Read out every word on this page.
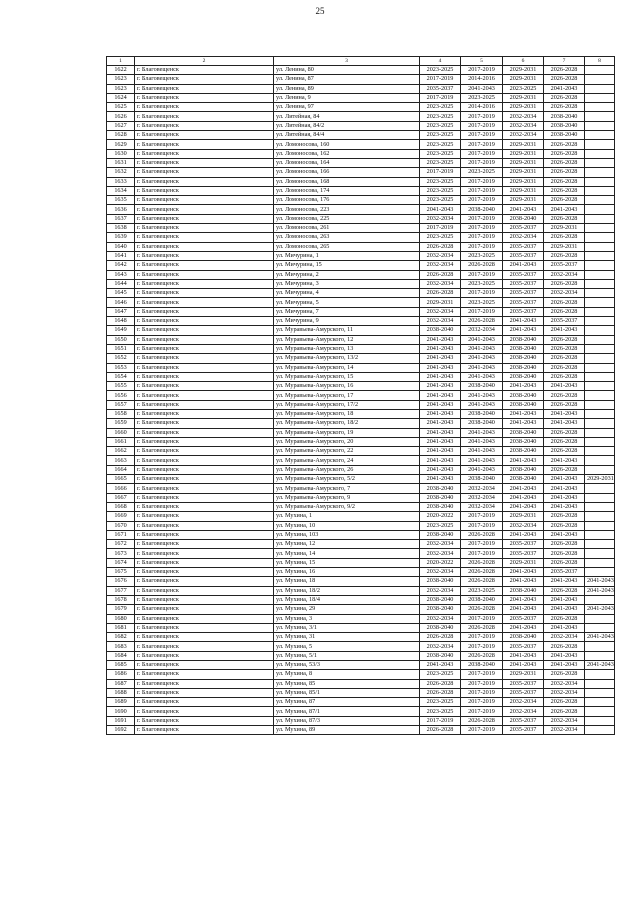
25
1	2	3	4	5	6	7	8
1622	г. Благовещенск	ул. Ленина, 80	2023-2025	2017-2019	2029-2031	2026-2028	
1623	г. Благовещенск	ул. Ленина, 87	2017-2019	2014-2016	2029-2031	2026-2028	
1623	г. Благовещенск	ул. Ленина, 89	2035-2037	2041-2043	2023-2025	2041-2043	
1624	г. Благовещенск	ул. Ленина, 9	2017-2019	2023-2025	2029-2031	2026-2028	
1625	г. Благовещенск	ул. Ленина, 97	2023-2025	2014-2016	2029-2031	2026-2028	
1626	г. Благовещенск	ул. Литейная, 84	2023-2025	2017-2019	2032-2034	2038-2040	
1627	г. Благовещенск	ул. Литейная, 84/2	2023-2025	2017-2019	2032-2034	2038-2040	
1628	г. Благовещенск	ул. Литейная, 84/4	2023-2025	2017-2019	2032-2034	2038-2040	
1629	г. Благовещенск	ул. Ломоносова, 160	2023-2025	2017-2019	2029-2031	2026-2028	
1630	г. Благовещенск	ул. Ломоносова, 162	2023-2025	2017-2019	2029-2031	2026-2028	
1631	г. Благовещенск	ул. Ломоносова, 164	2023-2025	2017-2019	2029-2031	2026-2028	
1632	г. Благовещенск	ул. Ломоносова, 166	2017-2019	2023-2025	2029-2031	2026-2028	
1633	г. Благовещенск	ул. Ломоносова, 168	2023-2025	2017-2019	2029-2031	2026-2028	
1634	г. Благовещенск	ул. Ломоносова, 174	2023-2025	2017-2019	2029-2031	2026-2028	
1635	г. Благовещенск	ул. Ломоносова, 176	2023-2025	2017-2019	2029-2031	2026-2028	
1636	г. Благовещенск	ул. Ломоносова, 223	2041-2043	2038-2040	2041-2043	2041-2043	
1637	г. Благовещенск	ул. Ломоносова, 225	2032-2034	2017-2019	2038-2040	2026-2028	
1638	г. Благовещенск	ул. Ломоносова, 261	2017-2019	2017-2019	2035-2037	2029-2031	
1639	г. Благовещенск	ул. Ломоносова, 263	2023-2025	2017-2019	2032-2034	2026-2028	
1640	г. Благовещенск	ул. Ломоносова, 265	2026-2028	2017-2019	2035-2037	2029-2031	
1641	г. Благовещенск	ул. Мичурина, 1	2032-2034	2023-2025	2035-2037	2026-2028	
1642	г. Благовещенск	ул. Мичурина, 15	2032-2034	2026-2028	2041-2043	2035-2037	
1643	г. Благовещенск	ул. Мичурина, 2	2026-2028	2017-2019	2035-2037	2032-2034	
1644	г. Благовещенск	ул. Мичурина, 3	2032-2034	2023-2025	2035-2037	2026-2028	
1645	г. Благовещенск	ул. Мичурина, 4	2026-2028	2017-2019	2035-2037	2032-2034	
1646	г. Благовещенск	ул. Мичурина, 5	2029-2031	2023-2025	2035-2037	2026-2028	
1647	г. Благовещенск	ул. Мичурина, 7	2032-2034	2017-2019	2035-2037	2026-2028	
1648	г. Благовещенск	ул. Мичурина, 9	2032-2034	2026-2028	2041-2043	2035-2037	
1649	г. Благовещенск	ул. Муравьева-Амурского, 11	2038-2040	2032-2034	2041-2043	2041-2043	
1650	г. Благовещенск	ул. Муравьева-Амурского, 12	2041-2043	2041-2043	2038-2040	2026-2028	
1651	г. Благовещенск	ул. Муравьева-Амурского, 13	2041-2043	2041-2043	2038-2040	2026-2028	
1652	г. Благовещенск	ул. Муравьева-Амурского, 13/2	2041-2043	2041-2043	2038-2040	2026-2028	
1653	г. Благовещенск	ул. Муравьева-Амурского, 14	2041-2043	2041-2043	2038-2040	2026-2028	
1654	г. Благовещенск	ул. Муравьева-Амурского, 15	2041-2043	2041-2043	2038-2040	2026-2028	
1655	г. Благовещенск	ул. Муравьева-Амурского, 16	2041-2043	2038-2040	2041-2043	2041-2043	
1656	г. Благовещенск	ул. Муравьева-Амурского, 17	2041-2043	2041-2043	2038-2040	2026-2028	
1657	г. Благовещенск	ул. Муравьева-Амурского, 17/2	2041-2043	2041-2043	2038-2040	2026-2028	
1658	г. Благовещенск	ул. Муравьева-Амурского, 18	2041-2043	2038-2040	2041-2043	2041-2043	
1659	г. Благовещенск	ул. Муравьева-Амурского, 18/2	2041-2043	2038-2040	2041-2043	2041-2043	
1660	г. Благовещенск	ул. Муравьева-Амурского, 19	2041-2043	2041-2043	2038-2040	2026-2028	
1661	г. Благовещенск	ул. Муравьева-Амурского, 20	2041-2043	2041-2043	2038-2040	2026-2028	
1662	г. Благовещенск	ул. Муравьева-Амурского, 22	2041-2043	2041-2043	2038-2040	2026-2028	
1663	г. Благовещенск	ул. Муравьева-Амурского, 24	2041-2043	2041-2043	2041-2043	2041-2043	
1664	г. Благовещенск	ул. Муравьева-Амурского, 26	2041-2043	2041-2043	2038-2040	2026-2028	
1665	г. Благовещенск	ул. Муравьева-Амурского, 5/2	2041-2043	2038-2040	2038-2040	2041-2043	2029-2031
1666	г. Благовещенск	ул. Муравьева-Амурского, 7	2038-2040	2032-2034	2041-2043	2041-2043	
1667	г. Благовещенск	ул. Муравьева-Амурского, 9	2038-2040	2032-2034	2041-2043	2041-2043	
1668	г. Благовещенск	ул. Муравьева-Амурского, 9/2	2038-2040	2032-2034	2041-2043	2041-2043	
1669	г. Благовещенск	ул. Мухина, 1	2020-2022	2017-2019	2029-2031	2026-2028	
1670	г. Благовещенск	ул. Мухина, 10	2023-2025	2017-2019	2032-2034	2026-2028	
1671	г. Благовещенск	ул. Мухина, 103	2038-2040	2026-2028	2041-2043	2041-2043	
1672	г. Благовещенск	ул. Мухина, 12	2032-2034	2017-2019	2035-2037	2026-2028	
1673	г. Благовещенск	ул. Мухина, 14	2032-2034	2017-2019	2035-2037	2026-2028	
1674	г. Благовещенск	ул. Мухина, 15	2020-2022	2026-2028	2029-2031	2026-2028	
1675	г. Благовещенск	ул. Мухина, 16	2032-2034	2026-2028	2041-2043	2035-2037	
1676	г. Благовещенск	ул. Мухина, 18	2038-2040	2026-2028	2041-2043	2041-2043	2041-2043
1677	г. Благовещенск	ул. Мухина, 18/2	2032-2034	2023-2025	2038-2040	2026-2028	2041-2043
1678	г. Благовещенск	ул. Мухина, 18/4	2038-2040	2038-2040	2041-2043	2041-2043	
1679	г. Благовещенск	ул. Мухина, 29	2038-2040	2026-2028	2041-2043	2041-2043	2041-2043
1680	г. Благовещенск	ул. Мухина, 3	2032-2034	2017-2019	2035-2037	2026-2028	
1681	г. Благовещенск	ул. Мухина, 3/1	2038-2040	2026-2028	2041-2043	2041-2043	
1682	г. Благовещенск	ул. Мухина, 31	2026-2028	2017-2019	2038-2040	2032-2034	2041-2043
1683	г. Благовещенск	ул. Мухина, 5	2032-2034	2017-2019	2035-2037	2026-2028	
1684	г. Благовещенск	ул. Мухина, 5/1	2038-2040	2026-2028	2041-2043	2041-2043	
1685	г. Благовещенск	ул. Мухина, 53/3	2041-2043	2038-2040	2041-2043	2041-2043	2041-2043
1686	г. Благовещенск	ул. Мухина, 8	2023-2025	2017-2019	2029-2031	2026-2028	
1687	г. Благовещенск	ул. Мухина, 85	2026-2028	2017-2019	2035-2037	2032-2034	
1688	г. Благовещенск	ул. Мухина, 85/1	2026-2028	2017-2019	2035-2037	2032-2034	
1689	г. Благовещенск	ул. Мухина, 87	2023-2025	2017-2019	2032-2034	2026-2028	
1690	г. Благовещенск	ул. Мухина, 87/1	2023-2025	2017-2019	2032-2034	2026-2028	
1691	г. Благовещенск	ул. Мухина, 87/3	2017-2019	2026-2028	2035-2037	2032-2034	
1692	г. Благовещенск	ул. Мухина, 89	2026-2028	2017-2019	2035-2037	2032-2034	
